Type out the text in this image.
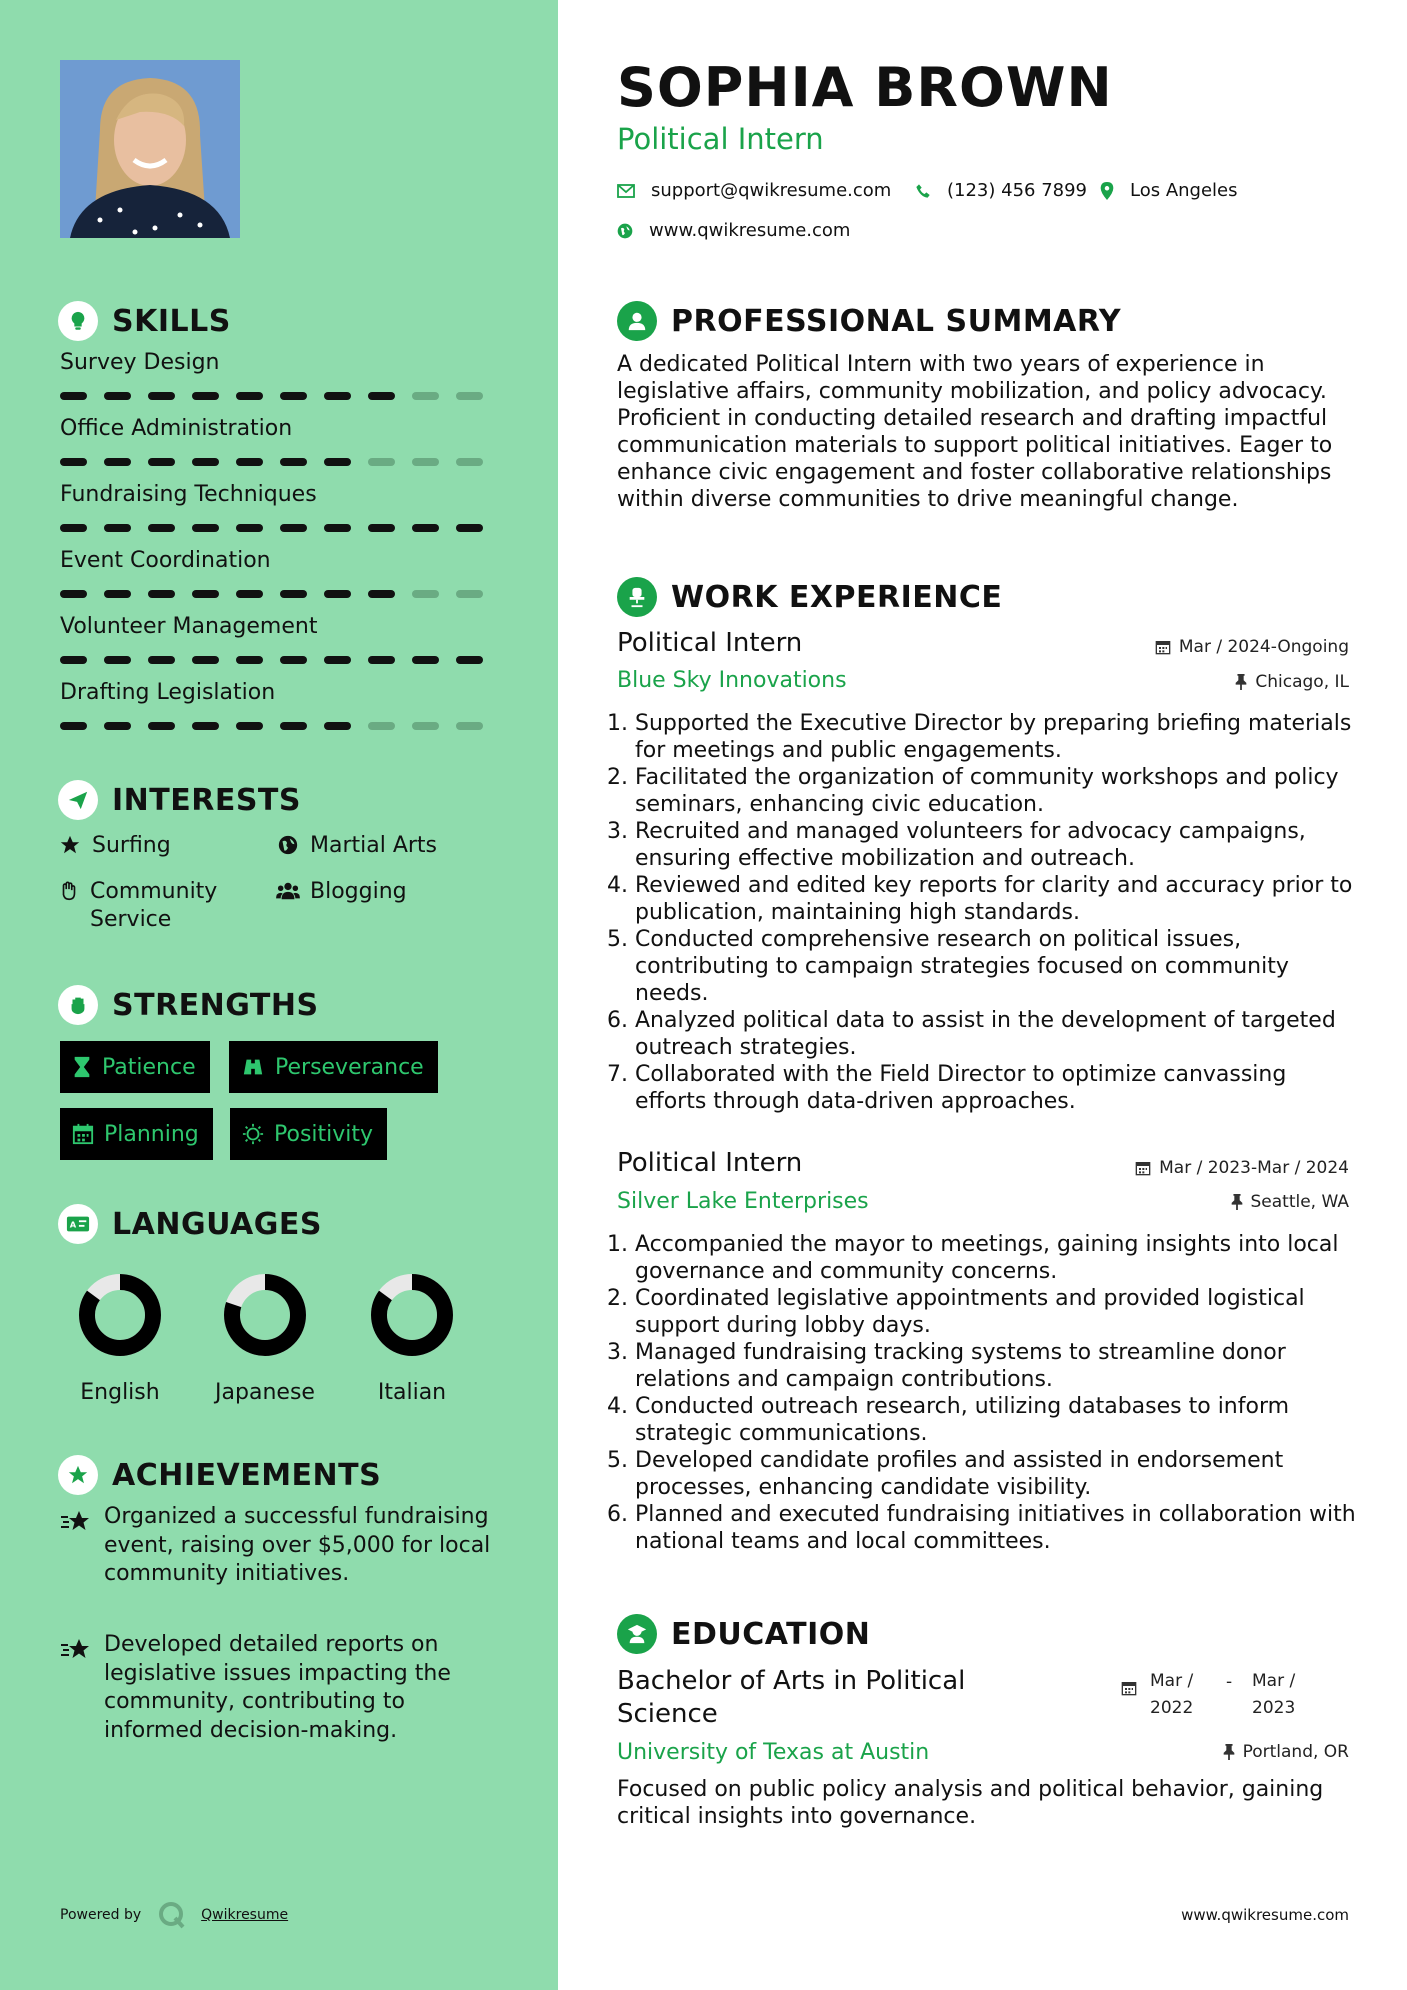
SKILLS
Survey Design
Office Administration
Fundraising Techniques
Event Coordination
Volunteer Management
Drafting Legislation
INTERESTS
Surfing	Martial Arts
Community Service
Blogging
STRENGTHS
Patience	Perseverance
Planning	Positivity
A LANGUAGES
English	Japanese	Italian
ACHIEVEMENTS
Organized a successful fundraising event, raising over $5,000 for local community initiatives.
Developed detailed reports on legislative issues impacting the community, contributing to informed decision-making.
Powered by	Qwikresume
SOPHIA BROWN
Political Intern
support@qwikresume.com	(123) 456 7899 Los Angeles
www.qwikresume.com
PROFESSIONAL SUMMARY
A dedicated Political Intern with two years of experience in legislative affairs, community mobilization, and policy advocacy. Proficient in conducting detailed research and drafting impactful communication materials to support political initiatives. Eager to enhance civic engagement and foster collaborative relationships within diverse communities to drive meaningful change.
WORK EXPERIENCE
Political Intern	Mar / 2024-Ongoing
Blue Sky Innovations	Chicago, IL
1. Supported the Executive Director by preparing briefing materials for meetings and public engagements.
2. Facilitated the organization of community workshops and policy seminars, enhancing civic education.
3. Recruited and managed volunteers for advocacy campaigns, ensuring effective mobilization and outreach.
4. Reviewed and edited key reports for clarity and accuracy prior to publication, maintaining high standards.
5. Conducted comprehensive research on political issues, contributing to campaign strategies focused on community needs.
6. Analyzed political data to assist in the development of targeted outreach strategies.
7. Collaborated with the Field Director to optimize canvassing efforts through data-driven approaches.
Political Intern	Mar / 2023-Mar / 2024
Silver Lake Enterprises	Seattle, WA
1. Accompanied the mayor to meetings, gaining insights into local governance and community concerns.
2. Coordinated legislative appointments and provided logistical support during lobby days.
3. Managed fundraising tracking systems to streamline donor relations and campaign contributions.
4. Conducted outreach research, utilizing databases to inform strategic communications.
5. Developed candidate profiles and assisted in endorsement processes, enhancing candidate visibility.
6. Planned and executed fundraising initiatives in collaboration with national teams and local committees.
EDUCATION
Bachelor of Arts in Political Science
Mar / 2022
- Mar / 2023
University of Texas at Austin	Portland, OR
Focused on public policy analysis and political behavior, gaining critical insights into governance.
www.qwikresume.com
